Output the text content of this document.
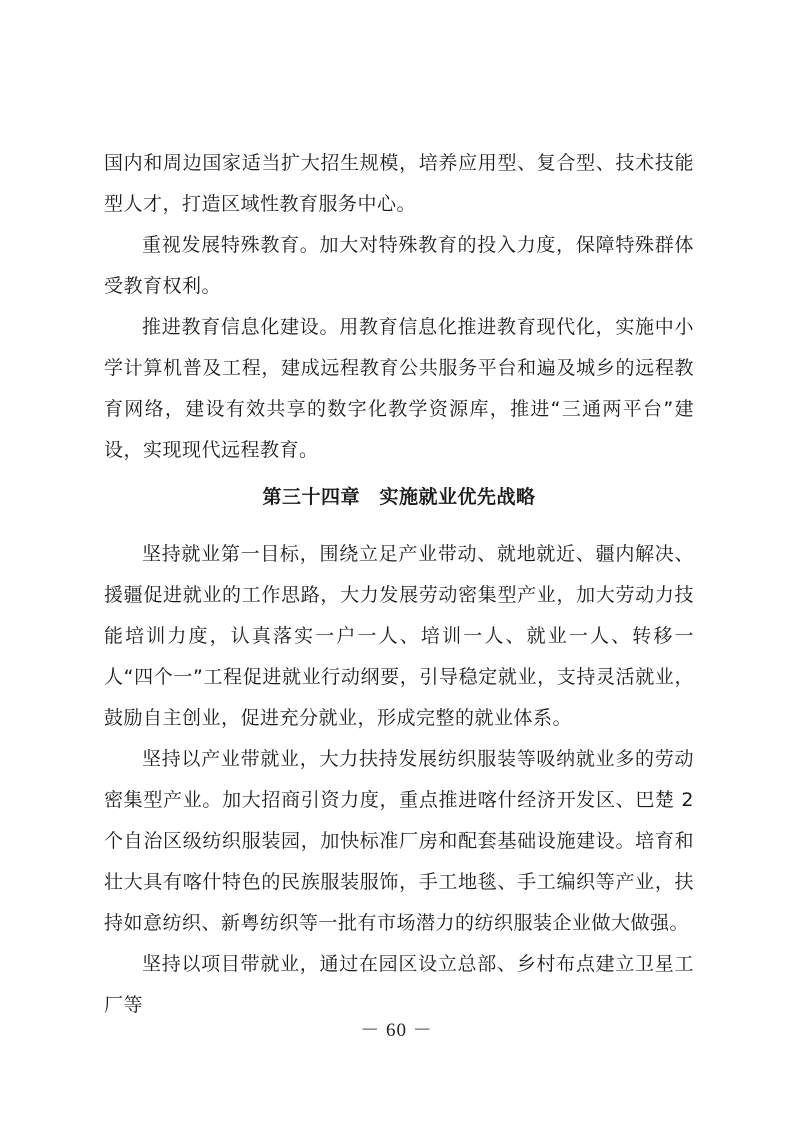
国内和周边国家适当扩大招生规模，培养应用型、复合型、技术技能型人才，打造区域性教育服务中心。

重视发展特殊教育。加大对特殊教育的投入力度，保障特殊群体受教育权利。

推进教育信息化建设。用教育信息化推进教育现代化，实施中小学计算机普及工程，建成远程教育公共服务平台和遍及城乡的远程教育网络，建设有效共享的数字化教学资源库，推进“三通两平台”建设，实现现代远程教育。

第三十四章　实施就业优先战略

坚持就业第一目标，围绕立足产业带动、就地就近、疆内解决、援疆促进就业的工作思路，大力发展劳动密集型产业，加大劳动力技能培训力度，认真落实一户一人、培训一人、就业一人、转移一人“四个一”工程促进就业行动纲要，引导稳定就业，支持灵活就业，鼓励自主创业，促进充分就业，形成完整的就业体系。

坚持以产业带就业，大力扶持发展纺织服装等吸纳就业多的劳动密集型产业。加大招商引资力度，重点推进喀什经济开发区、巴楚 2 个自治区级纺织服装园，加快标准厂房和配套基础设施建设。培育和壮大具有喀什特色的民族服装服饰，手工地毯、手工编织等产业，扶持如意纺织、新粤纺织等一批有市场潜力的纺织服装企业做大做强。

坚持以项目带就业，通过在园区设立总部、乡村布点建立卫星工厂等

－ 60 －
